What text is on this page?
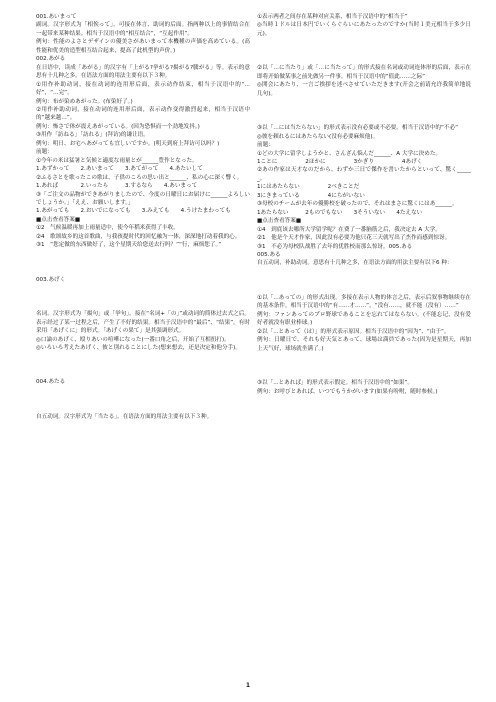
001.あいまって

副词。汉字形式为「相俟って」。可接在体言、助词的后面。指两种以上的事情结合在一起带来某种结果。相当于汉语中的“相互结合”，“互起作用”。

例句：性能のよさとデザインの優美さが​あいまって本機種の声価を高めている。(高性能和优美的造型相互结合起来，提高了此机型的声价。)

002.あがる

在日语中，读成「あがる」的汉字有「上がる?挙がる?揚がる?騰がる」等。表示的意思有十几种之多。在语法方面的用法主要有以下３种。

①用作补助动词，接在动词的连用形后面，表示动作结束，相当于汉语中的“…好”，“…完”。

例句：布が染めあがった。(布染好了。)

②用作补助动词，接在动词的连用形后面，表示动作变得激烈起来，相当于汉语中的“越来越…”。

例句：怖さで体が震えあがっている。(因为恐惧而一个劲地发抖。)

③用作「訪ねる」「訪れる」(拜访)的谦让语。

例句：明日、お宅へあがっても宜しいですか。(明天到府上拜访可以吗？)

前题：

①今年の米は猛暑と気候と適度な雨量とが______豊作となった。

1.あずかって　　2.あいまって　　3.あてがって　　4.あたいして

②ふるさとを歌ったこの歌は、子供のころの思い出と______、私の心に深く響く。

1.あれば　　　　2.いったら　　　3.するなら　　4.あいまって

③「ご注文の品物ができあがりましたので、今度の日曜日にお届けに______よろしいでしょうか。」「ええ、お願いします。」

1.あがっても　　2.おいでになっても　　3.みえても　　4.うけたまわっても

■点击查看答案■

①2　气候温暖再加上雨量适中，使今年稻米获得了丰收。

②4　歌颂故乡的这首歌曲，与我孩提时代的回忆融为一体，深深地打动着我的心。

③1　“您定做的东西做好了，这个星期天给您送去行吗？”“行，麻烦您了。”

003.あげく

名词。汉字形式为「揚句」或「挙句」。接在“名词+「の」”或动词的简体过去式之后。表示经过了某一过程之后，产生了不好的结果。相当于汉语中的“最后”、“结果”。有时采用「あげくに」的形式。「あげくの果て」是其强调形式。

◎口論のあげく、殴りあいの喧嘩になった(一番口角之后，开始了互相扭打)。

◎いろいろ考えたあげく、彼と別れることにした(想来想去，还是决定和他分手)。

004.あたる

自五动词。汉字形式为「当たる」。在语法方面的用法主要有以下３种。

①表示两者之间存在某种对应关系，相当于汉语中的“相当于”

◎当時１ドルは日本円でいくらぐらいにあたったのですか(当时１美元相当于多少日元)。

②以「…に当たり」或「…に当たって」的形式接在名词或动词连体形的后面，表示在即将开始做某事之前先做另一件事。相当于汉语中的“值此……之际”

◎開会にあたり、一言ご挨拶を述べさせていただきます(开会之前请允许我简单地说几句)。

③以「…には当たらない」的形式表示没有必要或不必要。相当于汉语中的“不必”

◎彼を頼れるにはあたらない(没有必要麻烦他)。

前题：

①どの大学に留学しようかと、さんざん悩んだ______、A 大学に決めた。

1ことに　　　　　2ほかに　　　　　3かぎり　　　　　4あげく

②あの作家は天才なのだから、わずか三日で傑作を書いたからといって、驚く______。

1にはあたらない　　　　　2べきことだ

3にきまっている　　　　　4にちがいない

③母校のチームが去年の優勝校を破ったので、それはまさに驚くにはあ______。

1あたらない　　　2ものでもない　　3そういない　　4たえない

■点击查看答案■

①4　到底该去哪所大学留学呢？在费了一番脑筋之后，我决定去 A 大学。

②1　他是个天才作家，因此没有必要为他只花三天就写出了杰作而感到惊讶。

③1　不必为母校队战胜了去年的优胜校而那么惊讶。005.ある

005.ある

自五动词，补助动词。意思有十几种之多，在语法方面的用法主要有以下6 种：

①以「...あっての」的形式出现。多接在表示人物的体言之后，表示后叙事物继续存在的基本条件。相当于汉语中的“有……才……”，“没有……，就不能（没有）……”

例句：ファンあってのプロ野球であることを忘れてはならない。(不能忘记，没有爱好者就没有职业棒球。)

②以「...とあって（は）」的形式表示原因。相当于汉语中的“因为”、“由于”。

例句：日曜日で、それも好天気とあって、球場は満員であった(因为是星期天，再加上天气好，球场就坐满了。)

③以「...とあれば」的形式表示假定。相当于汉语中的“如果”。

例句：お呼びとあれば、いつでもうかがいます(如果有吩咐，随时参候。)

1
